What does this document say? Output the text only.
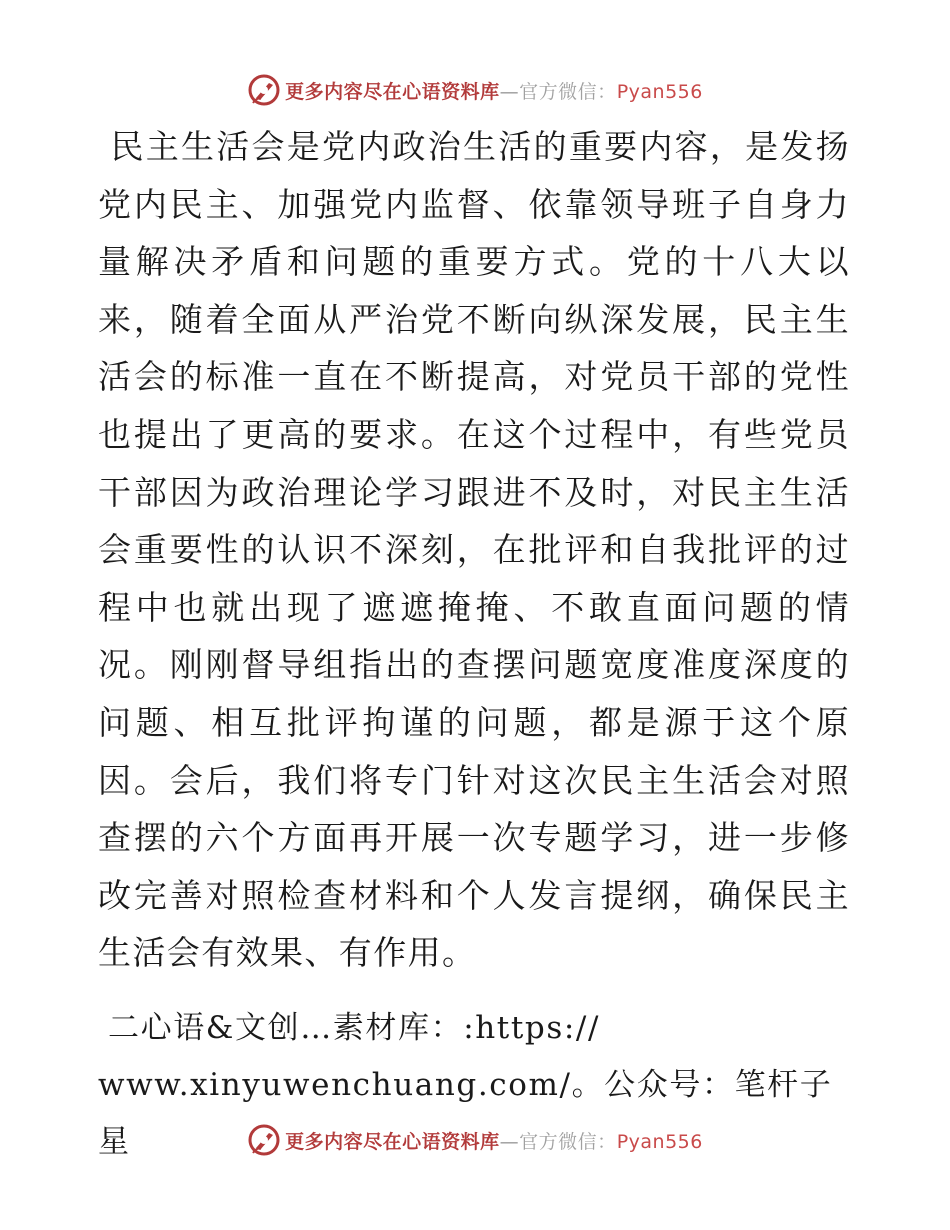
更多内容尽在心语资料库—官方微信：Pyan556

民主生活会是党内政治生活的重要内容，是发扬党内民主、加强党内监督、依靠领导班子自身力量解决矛盾和问题的重要方式。党的十八大以来，随着全面从严治党不断向纵深发展，民主生活会的标准一直在不断提高，对党员干部的党性也提出了更高的要求。在这个过程中，有些党员干部因为政治理论学习跟进不及时，对民主生活会重要性的认识不深刻，在批评和自我批评的过程中也就出现了遮遮掩掩、不敢直面问题的情况。刚刚督导组指出的查摆问题宽度准度深度的问题、相互批评拘谨的问题，都是源于这个原因。会后，我们将专门针对这次民主生活会对照查摆的六个方面再开展一次专题学习，进一步修改完善对照检查材料和个人发言提纲，确保民主生活会有效果、有作用。

二心语&文创…素材库：:https://
www.xinyuwenchuang.com/。公众号：笔杆子星	更多内容尽在心语资料库—官方微信：Pyan556
